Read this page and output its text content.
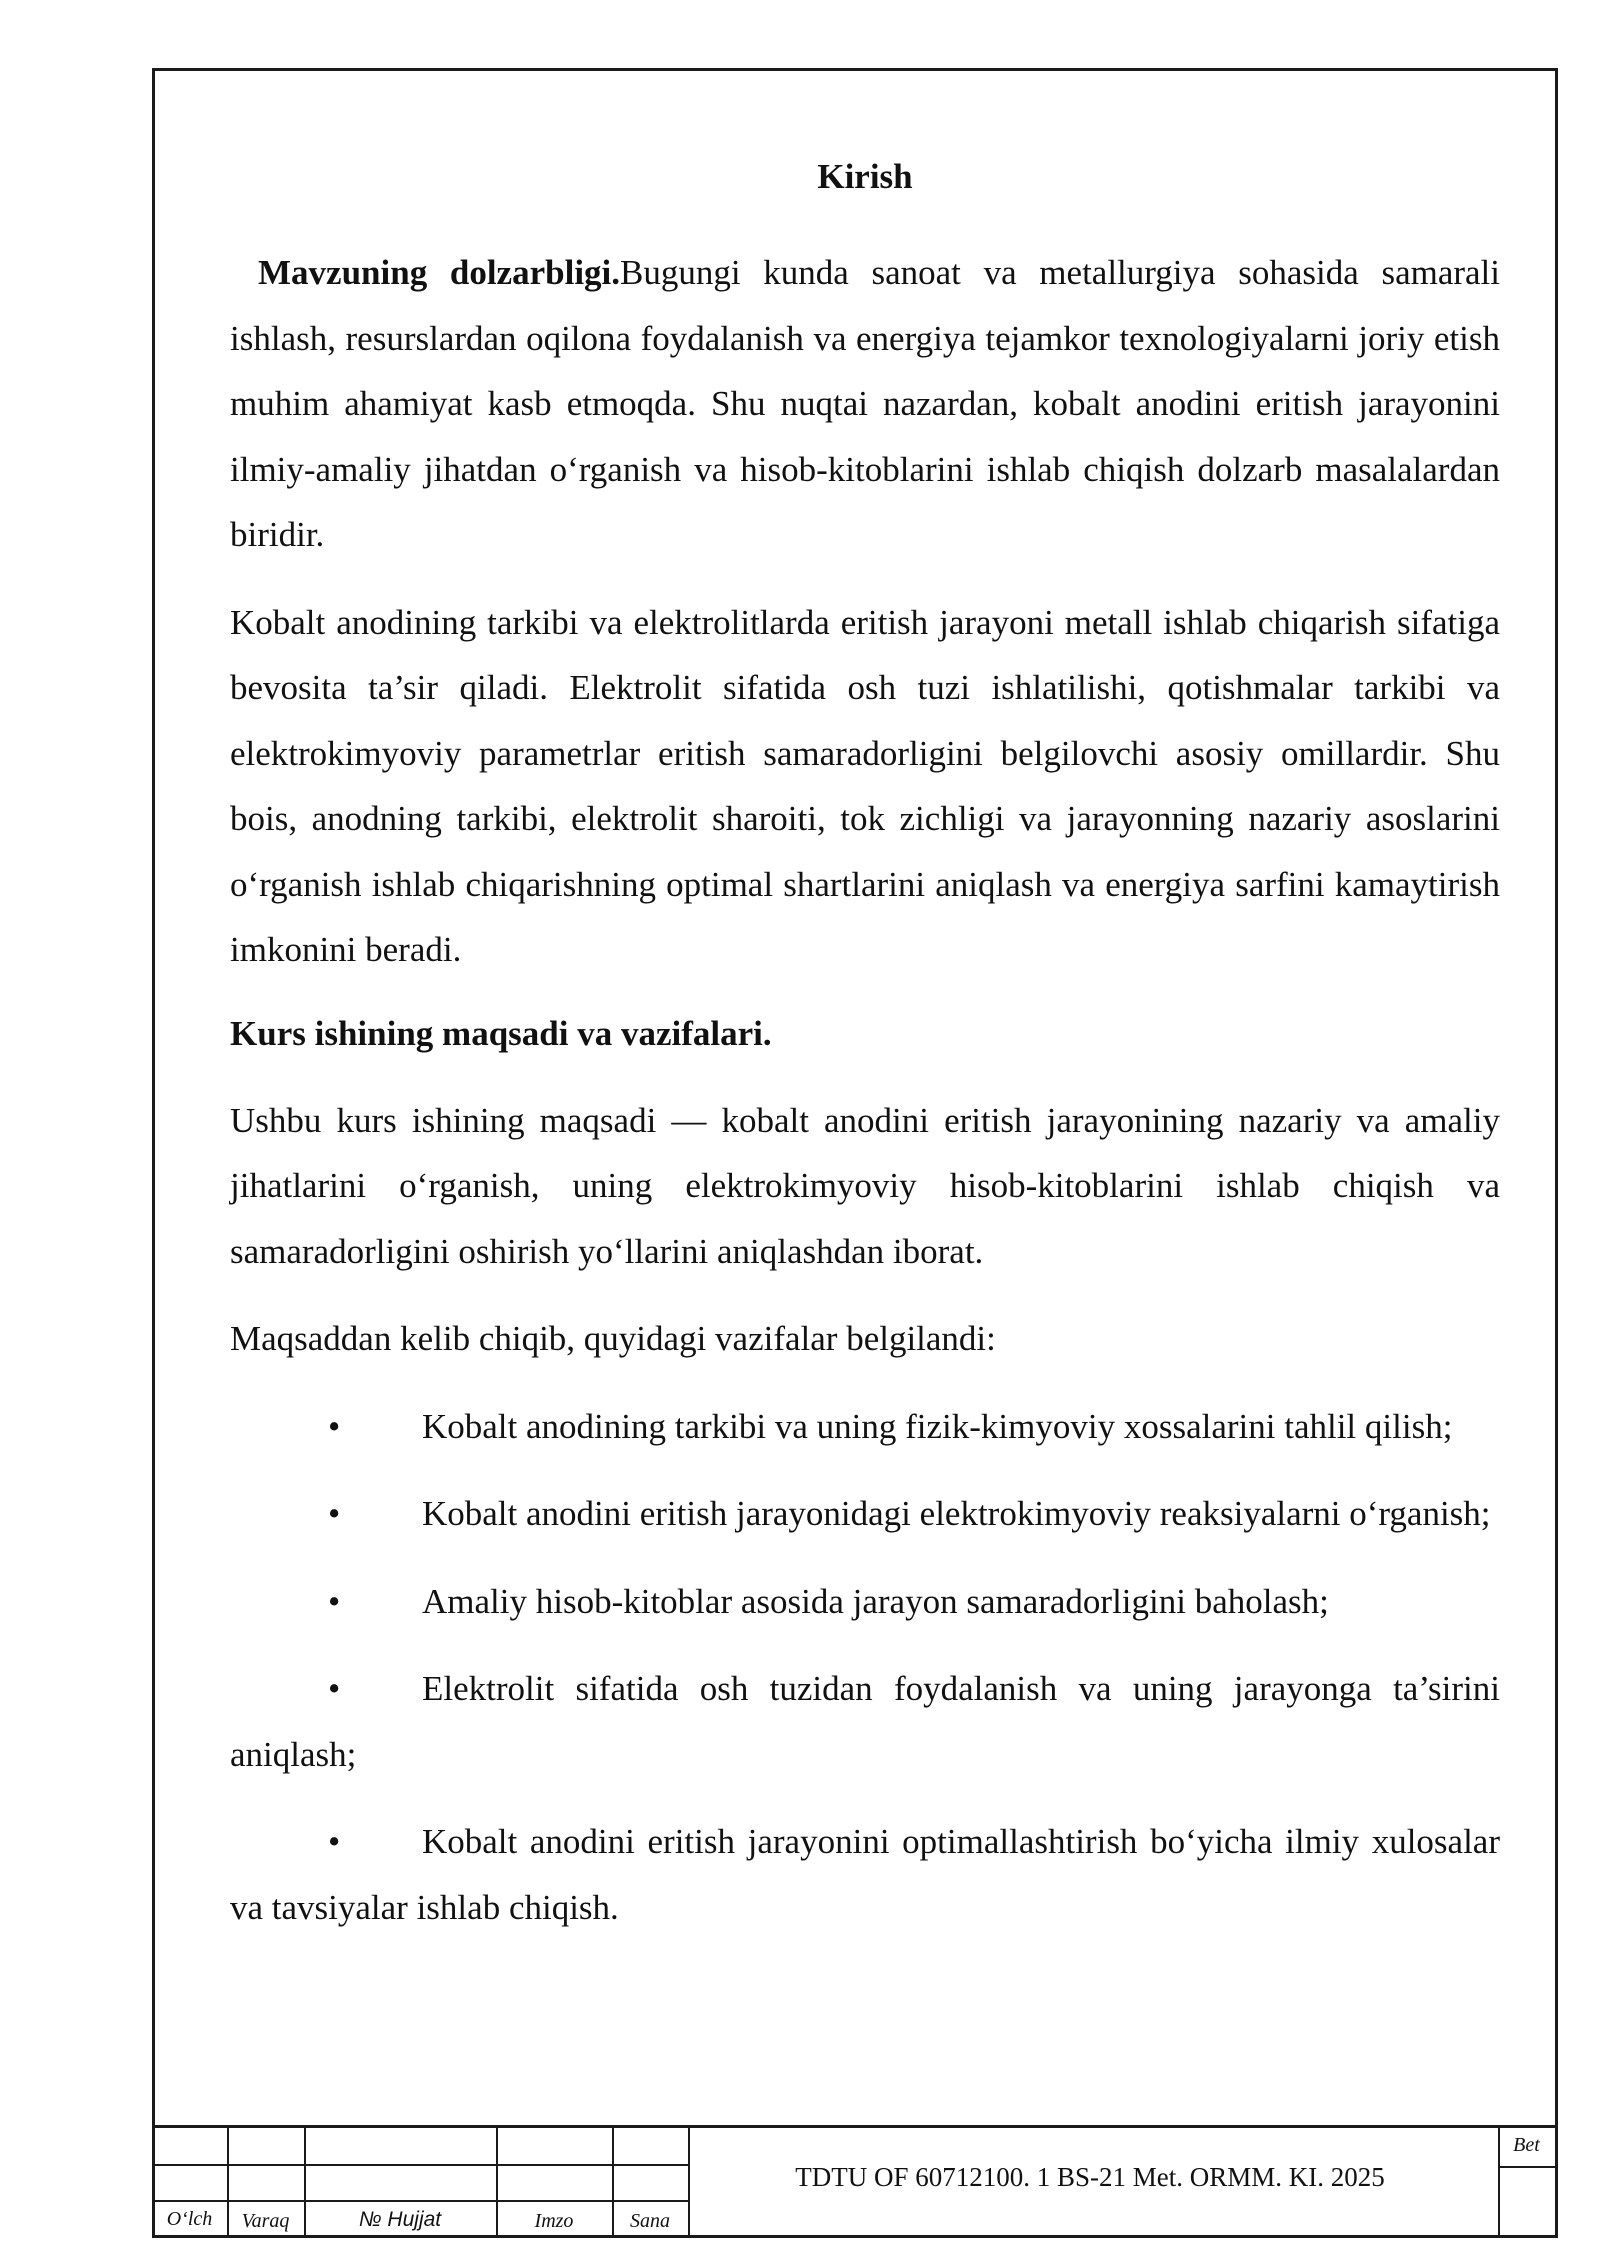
Kirish

Mavzuning dolzarbligi.Bugungi kunda sanoat va metallurgiya sohasida samarali ishlash, resurslardan oqilona foydalanish va energiya tejamkor texnologiyalarni joriy etish muhim ahamiyat kasb etmoqda. Shu nuqtai nazardan, kobalt anodini eritish jarayonini ilmiy-amaliy jihatdan o‘rganish va hisob-kitoblarini ishlab chiqish dolzarb masalalardan biridir.

Kobalt anodining tarkibi va elektrolitlarda eritish jarayoni metall ishlab chiqarish sifatiga bevosita ta’sir qiladi. Elektrolit sifatida osh tuzi ishlatilishi, qotishmalar tarkibi va elektrokimyoviy parametrlar eritish samaradorligini belgilovchi asosiy omillardir. Shu bois, anodning tarkibi, elektrolit sharoiti, tok zichligi va jarayonning nazariy asoslarini o‘rganish ishlab chiqarishning optimal shartlarini aniqlash va energiya sarfini kamaytirish imkonini beradi.

Kurs ishining maqsadi va vazifalari.

Ushbu kurs ishining maqsadi — kobalt anodini eritish jarayonining nazariy va amaliy jihatlarini o‘rganish, uning elektrokimyoviy hisob-kitoblarini ishlab chiqish va samaradorligini oshirish yo‘llarini aniqlashdan iborat.

Maqsaddan kelib chiqib, quyidagi vazifalar belgilandi:

• Kobalt anodining tarkibi va uning fizik-kimyoviy xossalarini tahlil qilish;

• Kobalt anodini eritish jarayonidagi elektrokimyoviy reaksiyalarni o‘rganish;

• Amaliy hisob-kitoblar asosida jarayon samaradorligini baholash;

• Elektrolit sifatida osh tuzidan foydalanish va uning jarayonga ta’sirini aniqlash;

• Kobalt anodini eritish jarayonini optimallashtirish bo‘yicha ilmiy xulosalar va tavsiyalar ishlab chiqish.

O‘lch	Varaq	№ Hujjat	Imzo	Sana
TDTU OF 60712100. 1 BS-21 Met. ORMM. KI. 2025
Bet
